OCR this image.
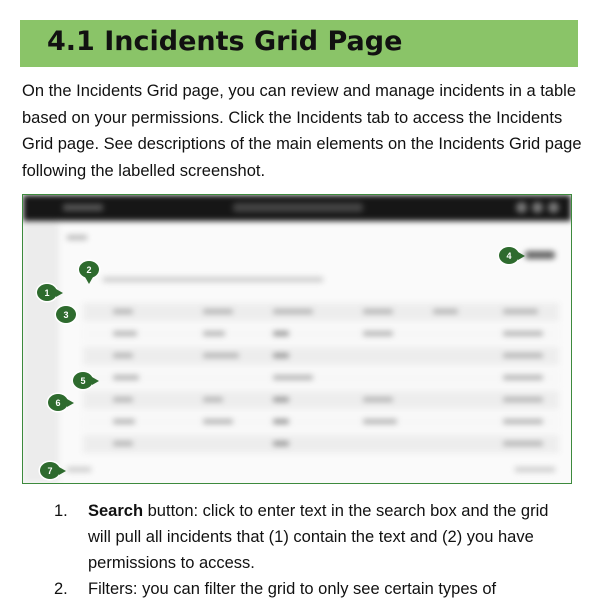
4.1 Incidents Grid Page

On the Incidents Grid page, you can review and manage incidents in a table based on your permissions. Click the Incidents tab to access the Incidents Grid page. See descriptions of the main elements on the Incidents Grid page following the labelled screenshot.

1
2
3
4
5
6
7
1. Search button: click to enter text in the search box and the grid will pull all incidents that (1) contain the text and (2) you have permissions to access.
2. Filters: you can filter the grid to only see certain types of
